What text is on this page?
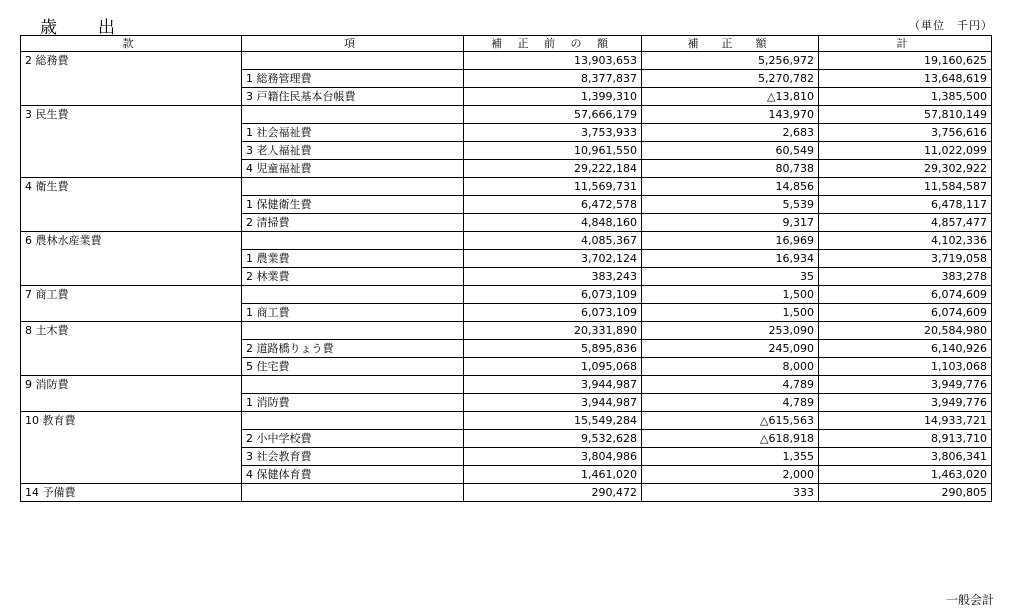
歳　出	（単位　千円）
款	項	補 正 前 の 額	補　正　額	計
2 総務費		13,903,653	5,256,972	19,160,625
	1 総務管理費	8,377,837	5,270,782	13,648,619
	3 戸籍住民基本台帳費	1,399,310	△13,810	1,385,500
3 民生費		57,666,179	143,970	57,810,149
	1 社会福祉費	3,753,933	2,683	3,756,616
	3 老人福祉費	10,961,550	60,549	11,022,099
	4 児童福祉費	29,222,184	80,738	29,302,922
4 衛生費		11,569,731	14,856	11,584,587
	1 保健衛生費	6,472,578	5,539	6,478,117
	2 清掃費	4,848,160	9,317	4,857,477
6 農林水産業費		4,085,367	16,969	4,102,336
	1 農業費	3,702,124	16,934	3,719,058
	2 林業費	383,243	35	383,278
7 商工費		6,073,109	1,500	6,074,609
	1 商工費	6,073,109	1,500	6,074,609
8 土木費		20,331,890	253,090	20,584,980
	2 道路橋りょう費	5,895,836	245,090	6,140,926
	5 住宅費	1,095,068	8,000	1,103,068
9 消防費		3,944,987	4,789	3,949,776
	1 消防費	3,944,987	4,789	3,949,776
10 教育費		15,549,284	△615,563	14,933,721
	2 小中学校費	9,532,628	△618,918	8,913,710
	3 社会教育費	3,804,986	1,355	3,806,341
	4 保健体育費	1,461,020	2,000	1,463,020
14 予備費		290,472	333	290,805
一般会計
